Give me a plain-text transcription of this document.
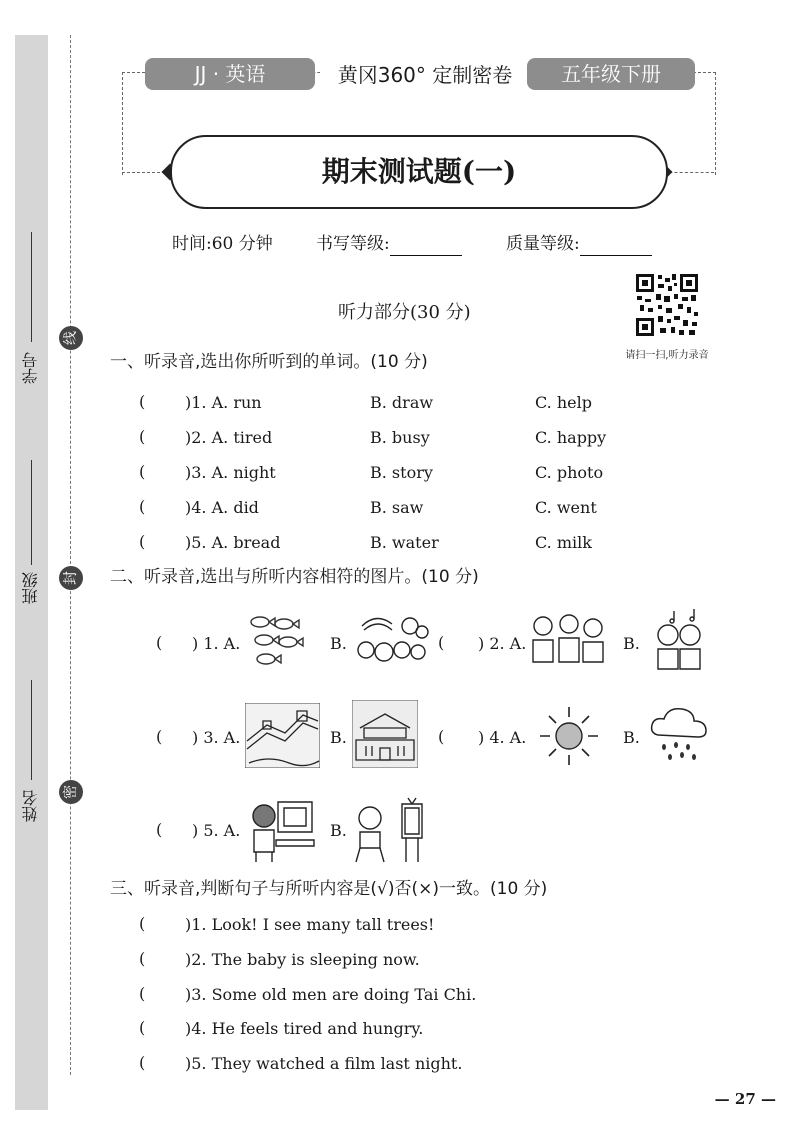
学号
班级
姓名
线
封
密
JJ · 英语	黄冈360° 定制密卷	五年级下册
期末测试题(一)
时间:60 分钟	书写等级:	质量等级:
请扫一扫,听力录音
听力部分(30 分)
一、听录音,选出你所听到的单词。(10 分)
( )1. A. run	B. draw	C. help
( )2. A. tired	B. busy	C. happy
( )3. A. night	B. story	C. photo
( )4. A. did	B. saw	C. went
( )5. A. bread	B. water	C. milk
二、听录音,选出与所听内容相符的图片。(10 分)
( ) 1. A.	B.	( ) 2. A.	B.
( ) 3. A.	B.	( ) 4. A.	B.
( ) 5. A.	B.
三、听录音,判断句子与所听内容是(√)否(×)一致。(10 分)
( )1. Look! I see many tall trees!
( )2. The baby is sleeping now.
( )3. Some old men are doing Tai Chi.
( )4. He feels tired and hungry.
( )5. They watched a film last night.
— 27 —
